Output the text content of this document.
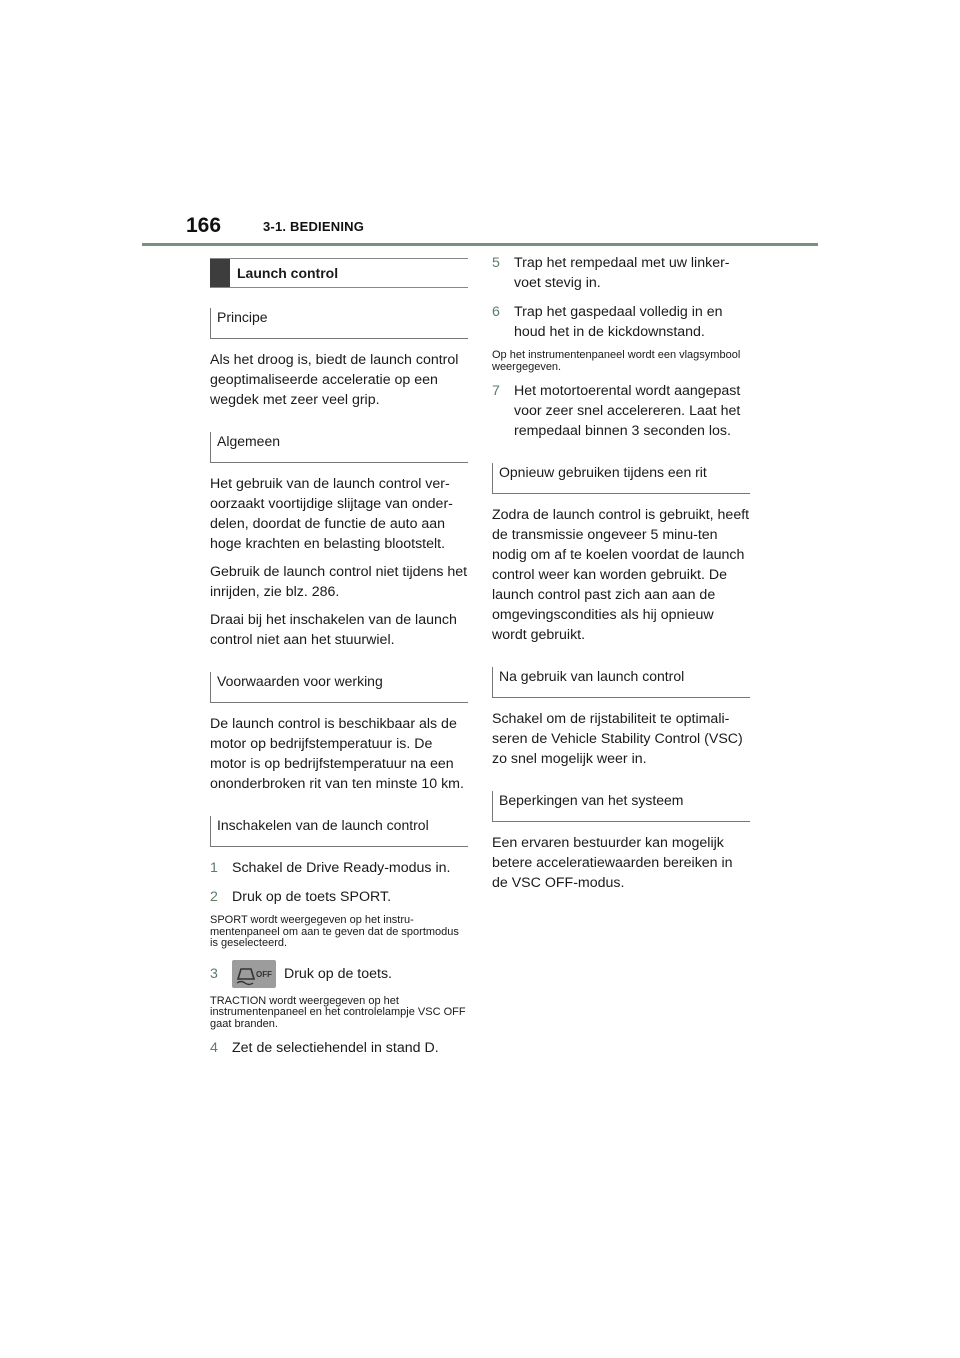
166	3-1. BEDIENING
Launch control
Principe

Als het droog is, biedt de launch control geoptimaliseerde acceleratie op een wegdek met zeer veel grip.

Algemeen

Het gebruik van de launch control ver-oorzaakt voortijdige slijtage van onder-delen, doordat de functie de auto aan hoge krachten en belasting blootstelt.

Gebruik de launch control niet tijdens het inrijden, zie blz. 286.

Draai bij het inschakelen van de launch control niet aan het stuurwiel.

Voorwaarden voor werking

De launch control is beschikbaar als de motor op bedrijfstemperatuur is. De motor is op bedrijfstemperatuur na een ononderbroken rit van ten minste 10 km.

Inschakelen van de launch control
1 Schakel de Drive Ready-modus in.
2 Druk op de toets SPORT.

SPORT wordt weergegeven op het instru-mentenpaneel om aan te geven dat de sportmodus is geselecteerd.

3	OFF Druk op de toets.

TRACTION wordt weergegeven op het instrumentenpaneel en het controlelampje VSC OFF gaat branden.

4 Zet de selectiehendel in stand D.
5 Trap het rempedaal met uw linker-voet stevig in.
6 Trap het gaspedaal volledig in en houd het in de kickdownstand.

Op het instrumentenpaneel wordt een vlagsymbool weergegeven.

7 Het motortoerental wordt aangepast voor zeer snel accelereren. Laat het rempedaal binnen 3 seconden los.
Opnieuw gebruiken tijdens een rit

Zodra de launch control is gebruikt, heeft de transmissie ongeveer 5 minu-ten nodig om af te koelen voordat de launch control weer kan worden gebruikt. De launch control past zich aan aan de omgevingscondities als hij opnieuw wordt gebruikt.

Na gebruik van launch control

Schakel om de rijstabiliteit te optimali-seren de Vehicle Stability Control (VSC) zo snel mogelijk weer in.

Beperkingen van het systeem

Een ervaren bestuurder kan mogelijk betere acceleratiewaarden bereiken in de VSC OFF-modus.
